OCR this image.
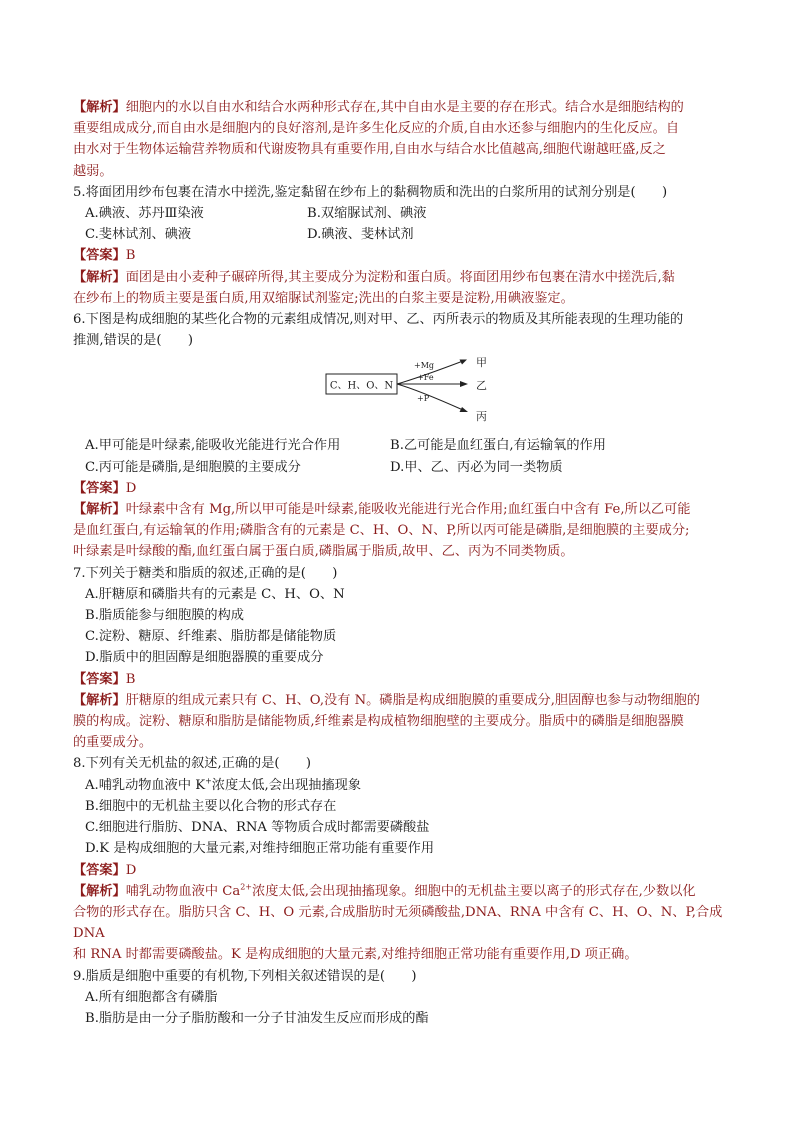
【解析】细胞内的水以自由水和结合水两种形式存在,其中自由水是主要的存在形式。结合水是细胞结构的

重要组成成分,而自由水是细胞内的良好溶剂,是许多生化反应的介质,自由水还参与细胞内的生化反应。自

由水对于生物体运输营养物质和代谢废物具有重要作用,自由水与结合水比值越高,细胞代谢越旺盛,反之

越弱。

5.将面团用纱布包裹在清水中搓洗,鉴定黏留在纱布上的黏稠物质和洗出的白浆所用的试剂分别是(　　)

A.碘液、苏丹Ⅲ染液	B.双缩脲试剂、碘液
C.斐林试剂、碘液	D.碘液、斐林试剂

【答案】B

【解析】面团是由小麦种子碾碎所得,其主要成分为淀粉和蛋白质。将面团用纱布包裹在清水中搓洗后,黏

在纱布上的物质主要是蛋白质,用双缩脲试剂鉴定;洗出的白浆主要是淀粉,用碘液鉴定。

6.下图是构成细胞的某些化合物的元素组成情况,则对甲、乙、丙所表示的物质及其所能表现的生理功能的

推测,错误的是(　　)

C、H、O、N
+Mg
+Fe
+P
甲
乙
丙
A.甲可能是叶绿素,能吸收光能进行光合作用	B.乙可能是血红蛋白,有运输氧的作用
C.丙可能是磷脂,是细胞膜的主要成分	D.甲、乙、丙必为同一类物质

【答案】D

【解析】叶绿素中含有 Mg,所以甲可能是叶绿素,能吸收光能进行光合作用;血红蛋白中含有 Fe,所以乙可能

是血红蛋白,有运输氧的作用;磷脂含有的元素是 C、H、O、N、P,所以丙可能是磷脂,是细胞膜的主要成分;

叶绿素是叶绿酸的酯,血红蛋白属于蛋白质,磷脂属于脂质,故甲、乙、丙为不同类物质。

7.下列关于糖类和脂质的叙述,正确的是(　　)

A.肝糖原和磷脂共有的元素是 C、H、O、N

B.脂质能参与细胞膜的构成

C.淀粉、糖原、纤维素、脂肪都是储能物质

D.脂质中的胆固醇是细胞器膜的重要成分

【答案】B

【解析】肝糖原的组成元素只有 C、H、O,没有 N。磷脂是构成细胞膜的重要成分,胆固醇也参与动物细胞的

膜的构成。淀粉、糖原和脂肪是储能物质,纤维素是构成植物细胞壁的主要成分。脂质中的磷脂是细胞器膜

的重要成分。

8.下列有关无机盐的叙述,正确的是(　　)

A.哺乳动物血液中 K+浓度太低,会出现抽搐现象

B.细胞中的无机盐主要以化合物的形式存在

C.细胞进行脂肪、DNA、RNA 等物质合成时都需要磷酸盐

D.K 是构成细胞的大量元素,对维持细胞正常功能有重要作用

【答案】D

【解析】哺乳动物血液中 $Ca^{2+}$浓度太低,会出现抽搐现象。细胞中的无机盐主要以离子的形式存在,少数以化

合物的形式存在。脂肪只含 C、H、O 元素,合成脂肪时无须磷酸盐,DNA、RNA 中含有 C、H、O、N、P,合成 DNA

和 RNA 时都需要磷酸盐。K 是构成细胞的大量元素,对维持细胞正常功能有重要作用,D 项正确。

9.脂质是细胞中重要的有机物,下列相关叙述错误的是(　　)

A.所有细胞都含有磷脂

B.脂肪是由一分子脂肪酸和一分子甘油发生反应而形成的酯
